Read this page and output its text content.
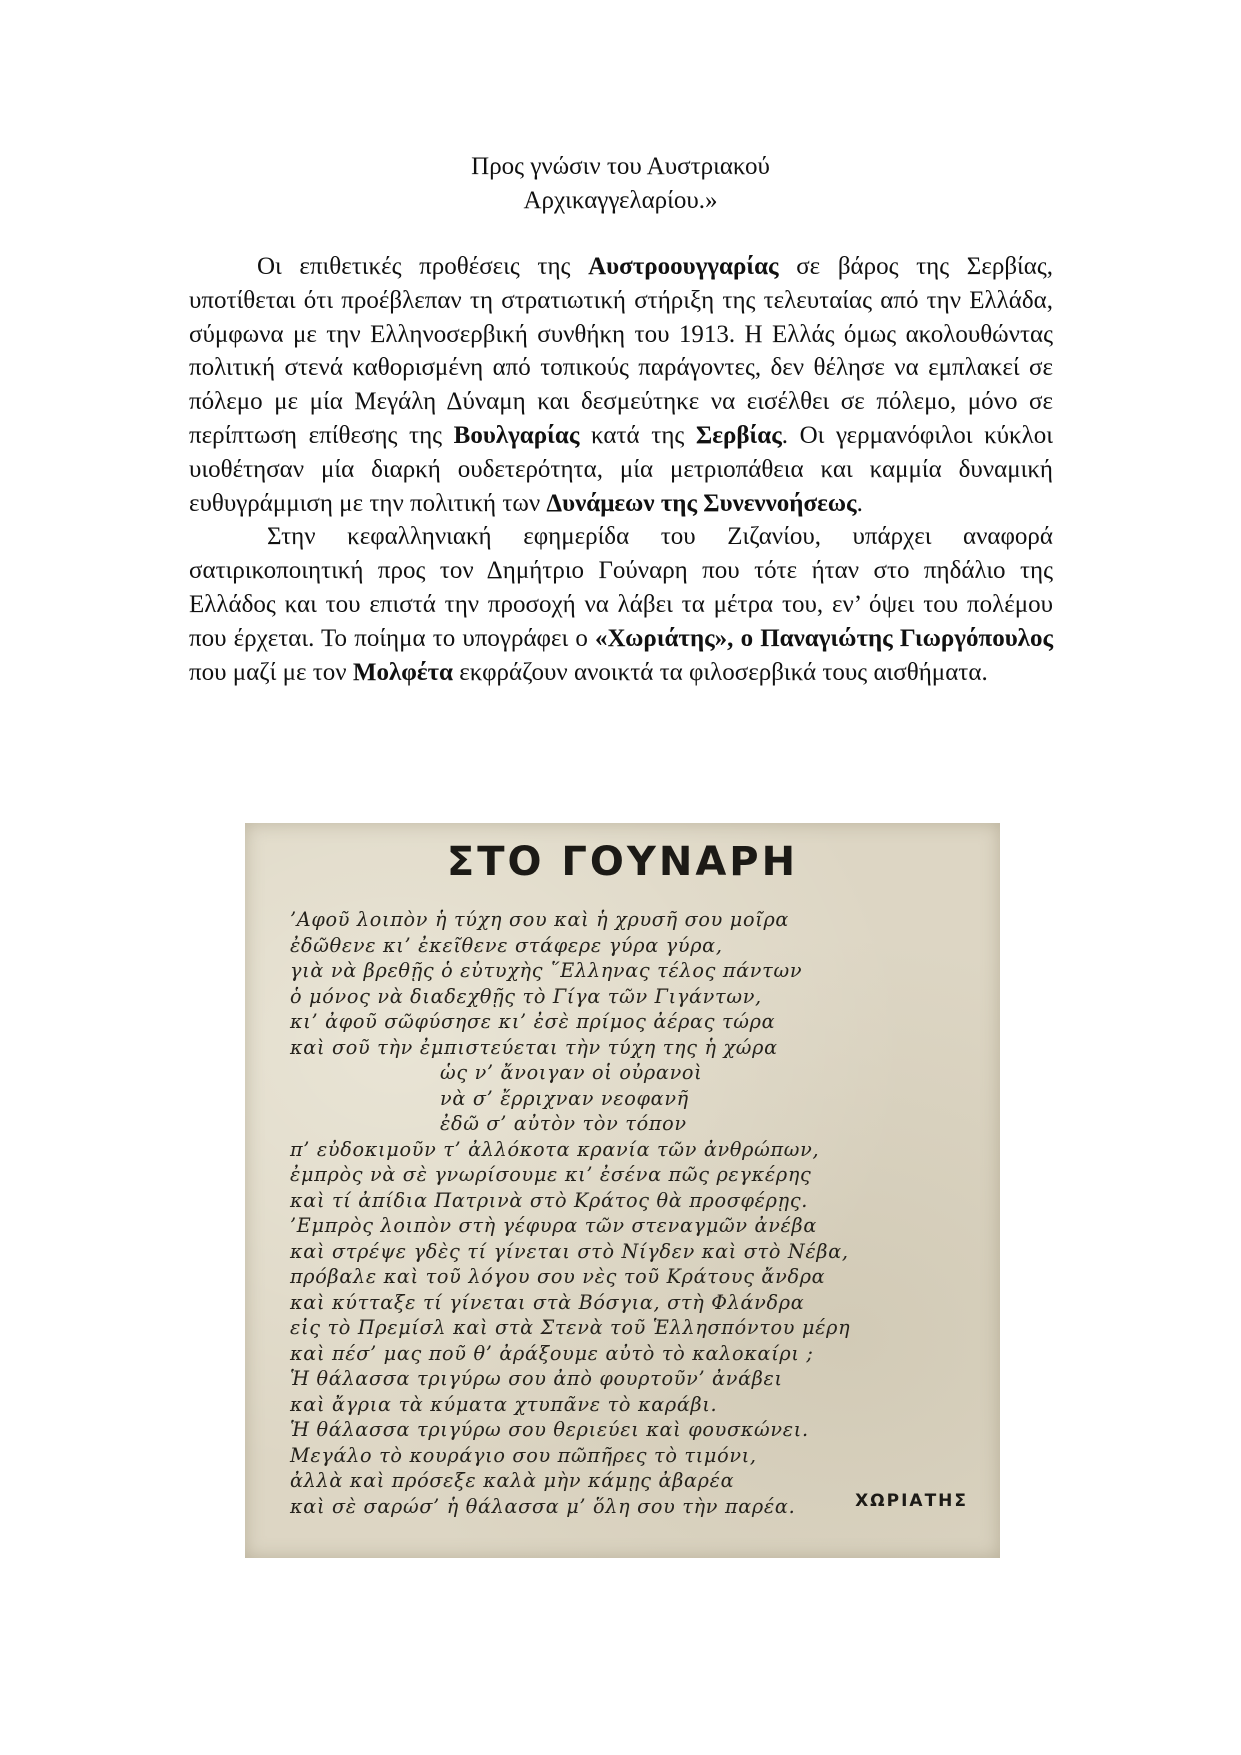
Προς γνώσιν του Αυστριακού
Αρχικαγγελαρίου.»

Οι επιθετικές προθέσεις της Αυστροουγγαρίας σε βάρος της Σερβίας, υποτίθεται ότι προέβλεπαν τη στρατιωτική στήριξη της τελευταίας από την Ελλάδα, σύμφωνα με την Ελληνοσερβική συνθήκη του 1913. Η Ελλάς όμως ακολουθώντας πολιτική στενά καθορισμένη από τοπικούς παράγοντες, δεν θέλησε να εμπλακεί σε πόλεμο με μία Μεγάλη Δύναμη και δεσμεύτηκε να εισέλθει σε πόλεμο, μόνο σε περίπτωση επίθεσης της Βουλγαρίας κατά της Σερβίας. Οι γερμανόφιλοι κύκλοι υιοθέτησαν μία διαρκή ουδετερότητα, μία μετριοπάθεια και καμμία δυναμική ευθυγράμμιση με την πολιτική των Δυνάμεων της Συνεννοήσεως.

Στην κεφαλληνιακή εφημερίδα του Ζιζανίου, υπάρχει αναφορά σατιρικοποιητική προς τον Δημήτριο Γούναρη που τότε ήταν στο πηδάλιο της Ελλάδος και του επιστά την προσοχή να λάβει τα μέτρα του, εν’ όψει του πολέμου που έρχεται. Το ποίημα το υπογράφει ο «Χωριάτης», ο Παναγιώτης Γιωργόπουλος που μαζί με τον Μολφέτα εκφράζουν ανοικτά τα φιλοσερβικά τους αισθήματα.

ΣΤΟ ΓΟΥΝΑΡΗ
’Αφοῦ λοιπὸν ἡ τύχη σου καὶ ἡ χρυσῆ σου μοῖρα
ἐδῶθενε κι’ ἐκεῖθενε στάφερε γύρα γύρα,
γιὰ νὰ βρεθῇς ὁ εὐτυχὴς ῞Ελληνας τέλος πάντων
ὁ μόνος νὰ διαδεχθῇς τὸ Γίγα τῶν Γιγάντων,
κι’ ἀφοῦ σῶφύσησε κι’ ἐσὲ πρίμος ἀέρας τώρα
καὶ σοῦ τὴν ἐμπιστεύεται τὴν τύχη της ἡ χώρα
ὡς ν’ ἄνοιγαν οἱ οὐρανοὶ
νὰ σ’ ἔρριχναν νεοφανῆ
ἐδῶ σ’ αὐτὸν τὸν τόπον
π’ εὐδοκιμοῦν τ’ ἀλλόκοτα κρανία τῶν ἀνθρώπων,
ἐμπρὸς νὰ σὲ γνωρίσουμε κι’ ἐσένα πῶς ρεγκέρης
καὶ τί ἀπίδια Πατρινὰ στὸ Κράτος θὰ προσφέρῃς.
’Εμπρὸς λοιπὸν στὴ γέφυρα τῶν στεναγμῶν ἀνέβα
καὶ στρέψε γδὲς τί γίνεται στὸ Νίγδεν καὶ στὸ Νέβα,
πρόβαλε καὶ τοῦ λόγου σου νὲς τοῦ Κράτους ἄνδρα
καὶ κύτταξε τί γίνεται στὰ Βόσγια, στὴ Φλάνδρα
εἰς τὸ Πρεμίσλ καὶ στὰ Στενὰ τοῦ Ἑλλησπόντου μέρη
καὶ πέσ’ μας ποῦ θ’ ἀράξουμε αὐτὸ τὸ καλοκαίρι ;
Ἡ θάλασσα τριγύρω σου ἀπὸ φουρτοῦν’ ἀνάβει
καὶ ἄγρια τὰ κύματα χτυπᾶνε τὸ καράβι.
Ἡ θάλασσα τριγύρω σου θεριεύει καὶ φουσκώνει.
Μεγάλο τὸ κουράγιο σου πῶπῆρες τὸ τιμόνι,
ἀλλὰ καὶ πρόσεξε καλὰ μὴν κάμῃς ἀβαρέα
καὶ σὲ σαρώσ’ ἡ θάλασσα μ’ ὅλη σου τὴν παρέα.	ΧΩΡΙΑΤΗΣ
